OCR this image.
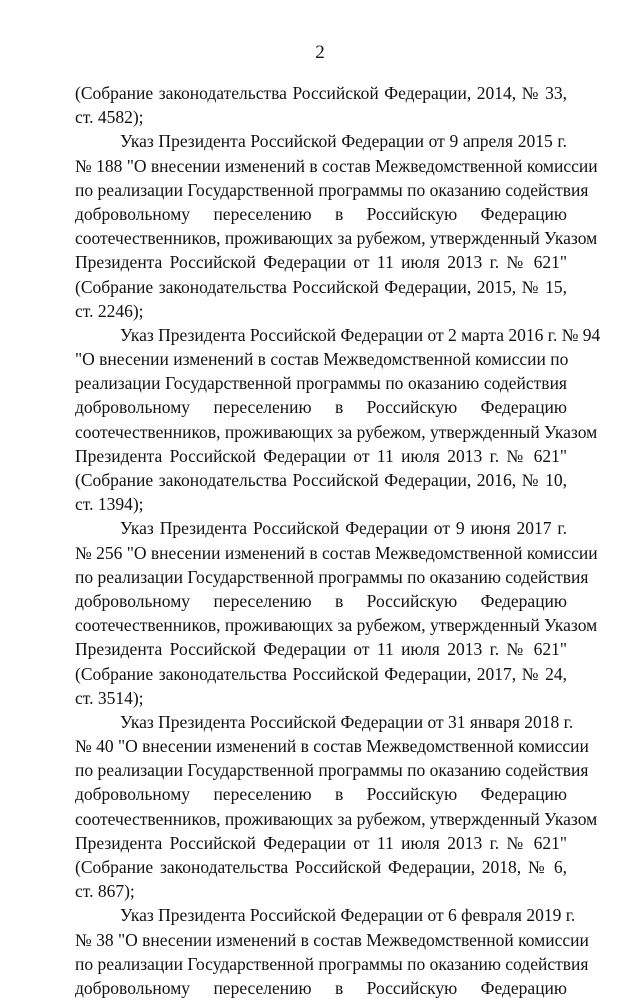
2
(Собрание законодательства Российской Федерации, 2014, № 33,
ст. 4582);
Указ Президента Российской Федерации от 9 апреля 2015 г.
№ 188 "О внесении изменений в состав Межведомственной комиссии
по реализации Государственной программы по оказанию содействия
добровольному переселению в Российскую Федерацию
соотечественников, проживающих за рубежом, утвержденный Указом
Президента Российской Федерации от 11 июля 2013 г. № 621"
(Собрание законодательства Российской Федерации, 2015, № 15,
ст. 2246);
Указ Президента Российской Федерации от 2 марта 2016 г. № 94
"О внесении изменений в состав Межведомственной комиссии по
реализации Государственной программы по оказанию содействия
добровольному переселению в Российскую Федерацию
соотечественников, проживающих за рубежом, утвержденный Указом
Президента Российской Федерации от 11 июля 2013 г. № 621"
(Собрание законодательства Российской Федерации, 2016, № 10,
ст. 1394);
Указ Президента Российской Федерации от 9 июня 2017 г.
№ 256 "О внесении изменений в состав Межведомственной комиссии
по реализации Государственной программы по оказанию содействия
добровольному переселению в Российскую Федерацию
соотечественников, проживающих за рубежом, утвержденный Указом
Президента Российской Федерации от 11 июля 2013 г. № 621"
(Собрание законодательства Российской Федерации, 2017, № 24,
ст. 3514);
Указ Президента Российской Федерации от 31 января 2018 г.
№ 40 "О внесении изменений в состав Межведомственной комиссии
по реализации Государственной программы по оказанию содействия
добровольному переселению в Российскую Федерацию
соотечественников, проживающих за рубежом, утвержденный Указом
Президента Российской Федерации от 11 июля 2013 г. № 621"
(Собрание законодательства Российской Федерации, 2018, № 6,
ст. 867);
Указ Президента Российской Федерации от 6 февраля 2019 г.
№ 38 "О внесении изменений в состав Межведомственной комиссии
по реализации Государственной программы по оказанию содействия
добровольному переселению в Российскую Федерацию
